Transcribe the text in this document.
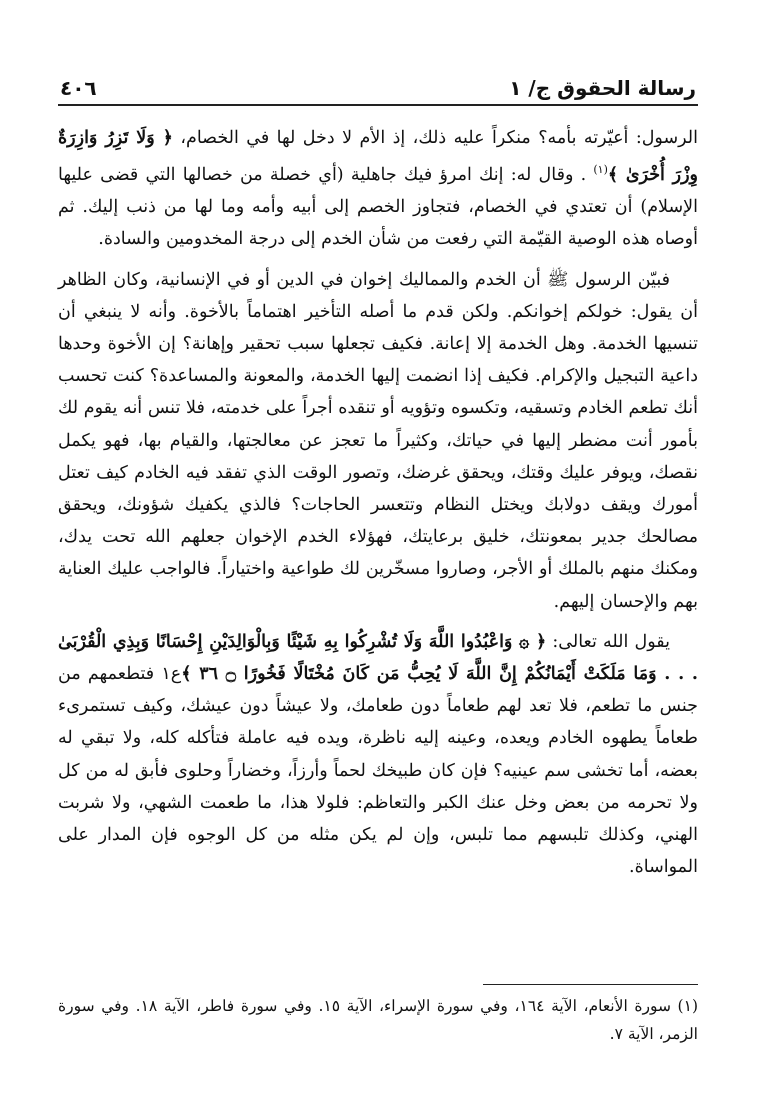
رسالة الحقوق ج/ ١
٤٠٦

الرسول: أعيّرته بأمه؟ منكراً عليه ذلك، إذ الأم لا دخل لها في الخصام، ﴿ وَلَا تَزِرُ وَازِرَةٌ وِزْرَ أُخْرَىٰ ﴾$^{(١)}$ . وقال له: إنك امرؤ فيك جاهلية (أي خصلة من خصالها التي قضى عليها الإسلام) أن تعتدي في الخصام، فتجاوز الخصم إلى أبيه وأمه وما لها من ذنب إليك. ثم أوصاه هذه الوصية القيّمة التي رفعت من شأن الخدم إلى درجة المخدومين والسادة.

فبيّن الرسول ﷺ أن الخدم والمماليك إخوان في الدين أو في الإنسانية، وكان الظاهر أن يقول: خولكم إخوانكم. ولكن قدم ما أصله التأخير اهتماماً بالأخوة. وأنه لا ينبغي أن تنسيها الخدمة. وهل الخدمة إلا إعانة. فكيف تجعلها سبب تحقير وإهانة؟ إن الأخوة وحدها داعية التبجيل والإكرام. فكيف إذا انضمت إليها الخدمة، والمعونة والمساعدة؟ كنت تحسب أنك تطعم الخادم وتسقيه، وتكسوه وتؤويه أو تنقده أجراً على خدمته، فلا تنس أنه يقوم لك بأمور أنت مضطر إليها في حياتك، وكثيراً ما تعجز عن معالجتها، والقيام بها، فهو يكمل نقصك، ويوفر عليك وقتك، ويحقق غرضك، وتصور الوقت الذي تفقد فيه الخادم كيف تعتل أمورك ويقف دولابك ويختل النظام وتتعسر الحاجات؟ فالذي يكفيك شؤونك، ويحقق مصالحك جدير بمعونتك، خليق برعايتك، فهؤلاء الخدم الإخوان جعلهم الله تحت يدك، ومكنك منهم بالملك أو الأجر، وصاروا مسخّرين لك طواعية واختياراً. فالواجب عليك العناية بهم والإحسان إليهم.

يقول الله تعالى: ﴿ ۞ وَاعْبُدُوا اللَّهَ وَلَا تُشْرِكُوا بِهِ شَيْئًا وَبِالْوَالِدَيْنِ إِحْسَانًا وَبِذِي الْقُرْبَىٰ . . . وَمَا مَلَكَتْ أَيْمَانُكُمْ إِنَّ اللَّهَ لَا يُحِبُّ مَن كَانَ مُخْتَالًا فَخُورًا ۝ ٣٦ ﴾ع١ فتطعمهم من جنس ما تطعم، فلا تعد لهم طعاماً دون طعامك، ولا عيشاً دون عيشك، وكيف تستمرىء طعاماً يطهوه الخادم ويعده، وعينه إليه ناظرة، ويده فيه عاملة فتأكله كله، ولا تبقي له بعضه، أما تخشى سم عينيه؟ فإن كان طبيخك لحماً وأرزاً، وخضاراً وحلوى فأبق له من كل ولا تحرمه من بعض وخل عنك الكبر والتعاظم: فلولا هذا، ما طعمت الشهي، ولا شربت الهني، وكذلك تلبسهم مما تلبس، وإن لم يكن مثله من كل الوجوه فإن المدار على المواساة.

(١) سورة الأنعام، الآية ١٦٤، وفي سورة الإسراء، الآية ١٥. وفي سورة فاطر، الآية ١٨. وفي سورة الزمر، الآية ٧.
